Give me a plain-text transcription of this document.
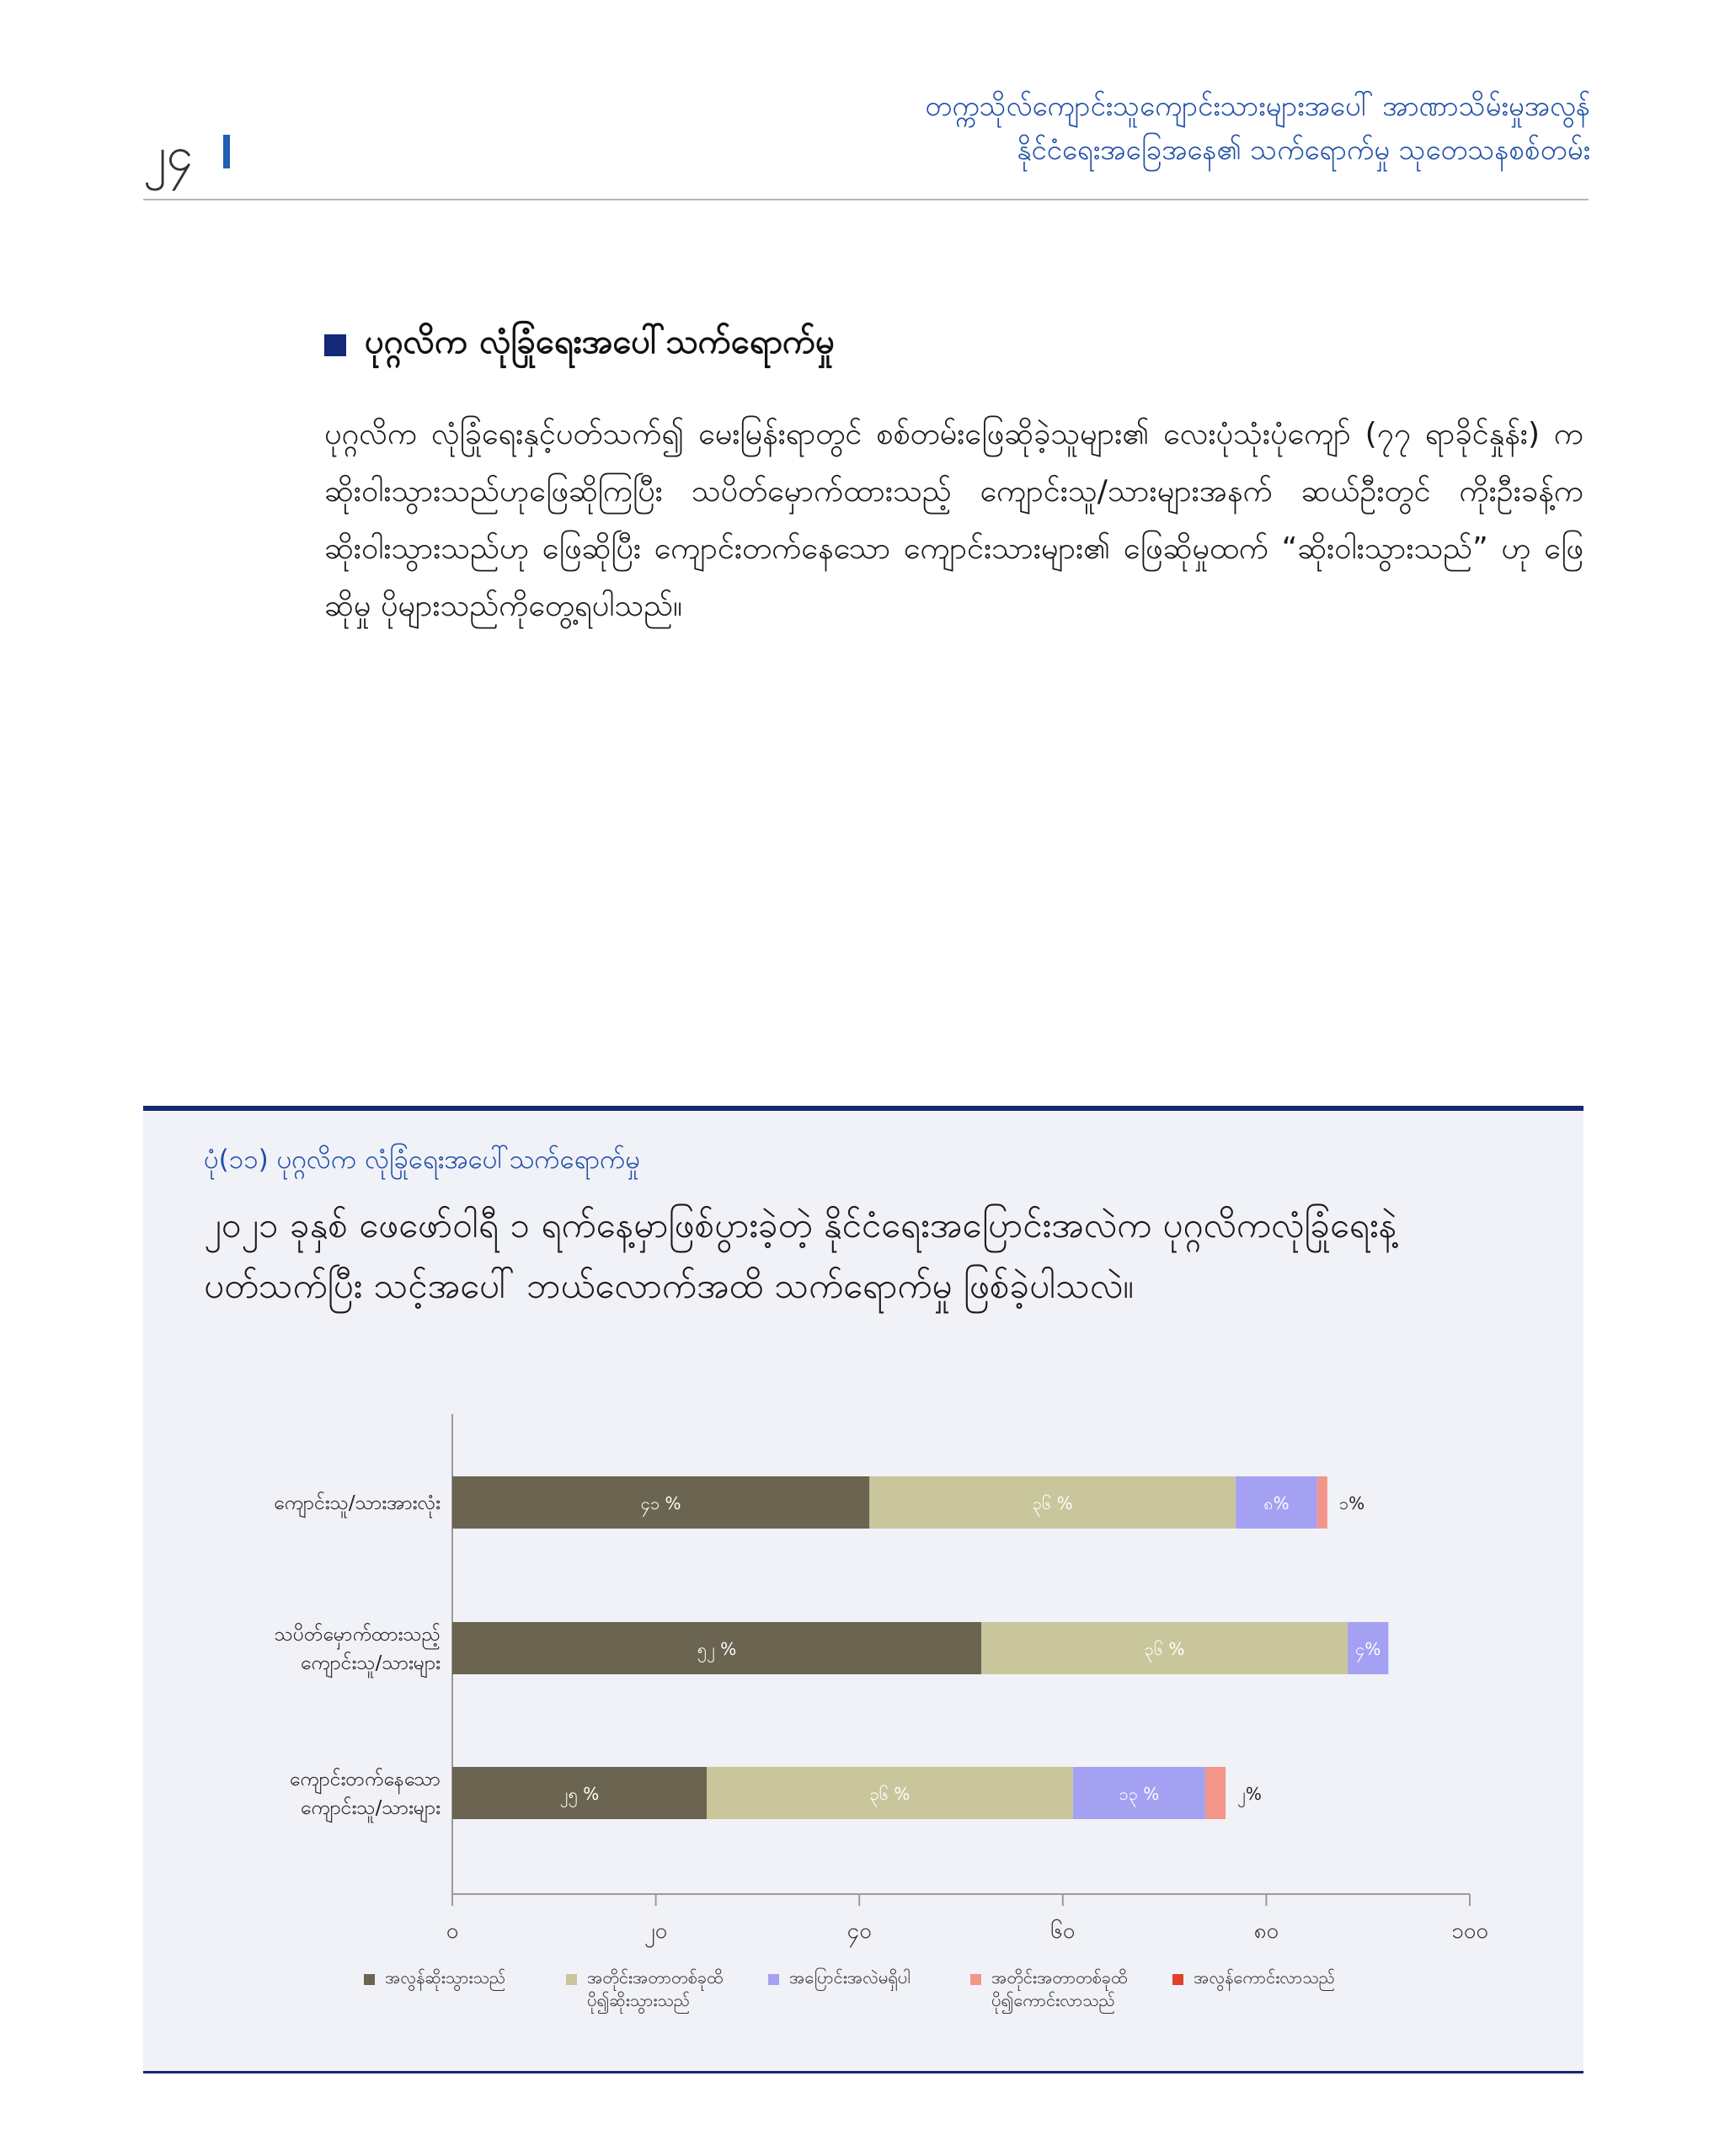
၂၄
တက္ကသိုလ်ကျောင်းသူကျောင်းသားများအပေါ် အာဏာသိမ်းမှုအလွန်
နိုင်ငံရေးအခြေအနေ၏ သက်ရောက်မှု သုတေသနစစ်တမ်း
ပုဂ္ဂလိက လုံခြုံရေးအပေါ်သက်ရောက်မှု
ပုဂ္ဂလိက လုံခြုံရေးနှင့်ပတ်သက်၍ မေးမြန်းရာတွင် စစ်တမ်းဖြေဆိုခဲ့သူများ၏ လေးပုံသုံးပုံကျော် (၇၇ ရာခိုင်နှုန်း) က ဆိုးဝါးသွားသည်ဟုဖြေဆိုကြပြီး သပိတ်မှောက်ထားသည့် ကျောင်းသူ/သားများအနက် ဆယ်ဦးတွင် ကိုးဦးခန့်က ဆိုးဝါးသွားသည်ဟု ဖြေဆိုပြီး ကျောင်းတက်နေသော ကျောင်းသားများ၏ ဖြေဆိုမှုထက် “ဆိုးဝါးသွားသည်” ဟု ဖြေဆိုမှု ပိုများသည်ကိုတွေ့ရပါသည်။
ပုံ(၁၁) ပုဂ္ဂလိက လုံခြုံရေးအပေါ်သက်ရောက်မှု
၂၀၂၁ ခုနှစ် ဖေဖော်ဝါရီ ၁ ရက်နေ့မှာဖြစ်ပွားခဲ့တဲ့ နိုင်ငံရေးအပြောင်းအလဲက ပုဂ္ဂလိကလုံခြုံရေးနဲ့ ပတ်သက်ပြီး သင့်အပေါ် ဘယ်လောက်အထိ သက်ရောက်မှု ဖြစ်ခဲ့ပါသလဲ။
၀	၂၀	၄၀	၆၀	၈၀	၁၀၀
ကျောင်းသူ/သားအားလုံး	၄၁ %	၃၆ %	၈%	၁%
သပိတ်မှောက်ထားသည့်
ကျောင်းသူ/သားများ
၅၂ %	၃၆ %	၄%
ကျောင်းတက်နေသော
ကျောင်းသူ/သားများ
၂၅ %	၃၆ %	၁၃ %	၂%
အလွန်ဆိုးသွားသည်	အတိုင်းအတာတစ်ခုထိ ပို၍ဆိုးသွားသည်
အပြောင်းအလဲမရှိပါ	အတိုင်းအတာတစ်ခုထိ ပို၍ကောင်းလာသည်
အလွန်ကောင်းလာသည်
